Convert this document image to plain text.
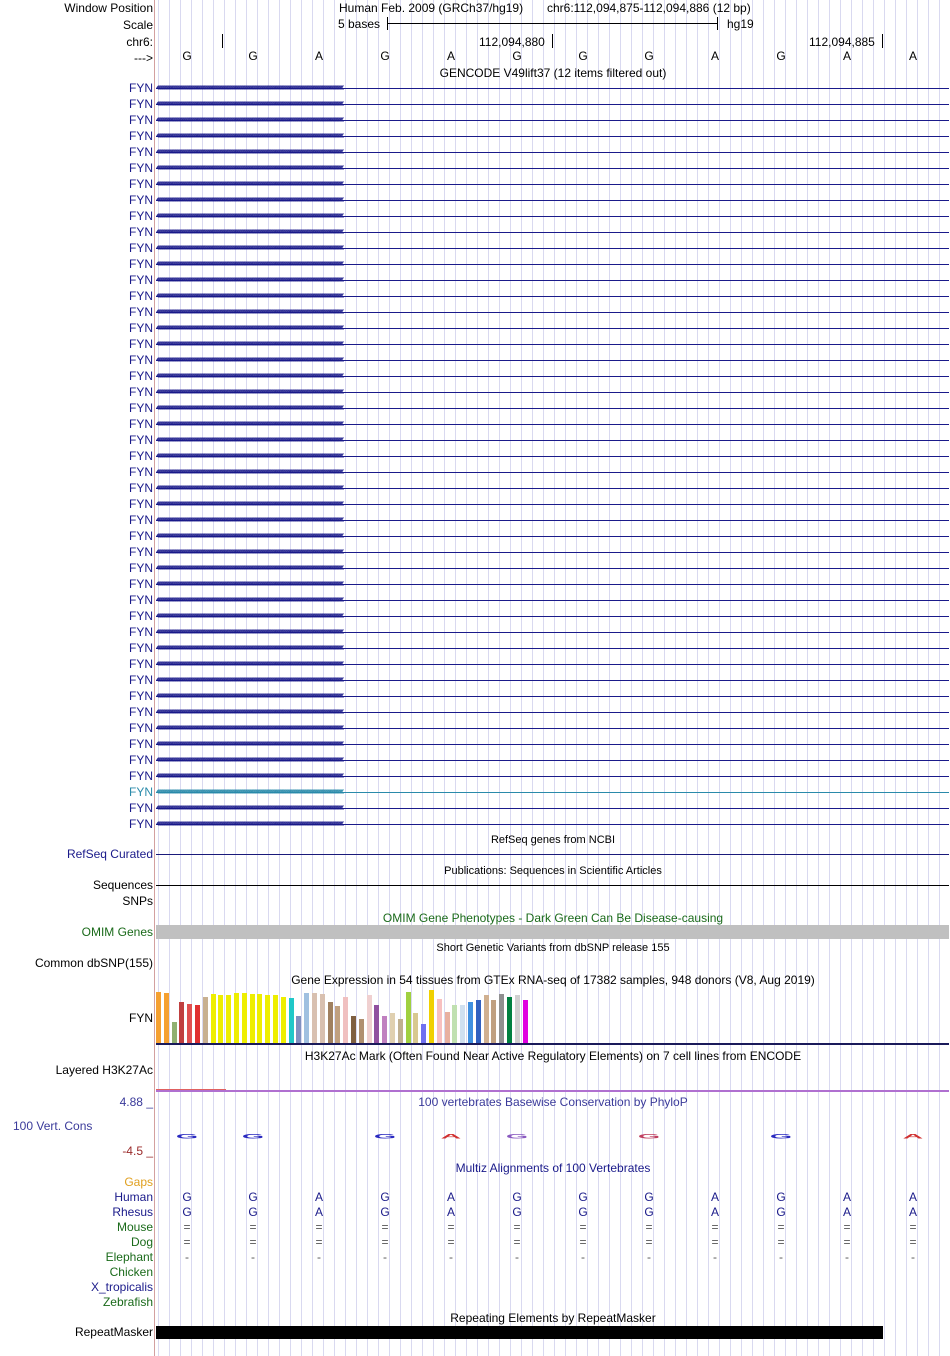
Window Position	Human Feb. 2009 (GRCh37/hg19) chr6:112,094,875-112,094,886 (12 bp)
Scale	5 bases	hg19
chr6:	112,094,880	112,094,885
---> G	G	A	G	A	G	G	G	A	G	A	A
GENCODE V49lift37 (12 items filtered out)
FYN ‹‹‹‹‹‹‹‹‹‹‹‹‹‹‹‹‹‹‹‹‹‹‹‹‹‹‹‹‹‹‹‹‹‹‹‹‹‹‹‹‹‹‹‹‹‹‹‹‹‹‹‹‹‹‹‹‹‹‹‹‹‹‹‹‹‹‹‹‹‹‹‹‹‹‹‹‹‹‹‹‹‹‹‹‹‹‹‹‹‹‹‹‹‹‹‹‹‹‹‹‹‹‹‹‹‹‹‹‹‹‹‹‹‹‹‹‹‹‹‹‹‹‹‹‹‹‹‹‹‹‹‹‹‹‹‹‹‹‹‹‹‹‹‹‹‹‹‹‹‹‹‹‹‹‹‹‹‹‹‹‹‹‹‹‹‹‹‹‹‹‹‹‹‹‹‹‹‹‹‹‹‹‹‹‹‹‹‹‹‹‹‹‹‹‹‹‹‹‹‹
FYN ‹‹‹‹‹‹‹‹‹‹‹‹‹‹‹‹‹‹‹‹‹‹‹‹‹‹‹‹‹‹‹‹‹‹‹‹‹‹‹‹‹‹‹‹‹‹‹‹‹‹‹‹‹‹‹‹‹‹‹‹‹‹‹‹‹‹‹‹‹‹‹‹‹‹‹‹‹‹‹‹‹‹‹‹‹‹‹‹‹‹‹‹‹‹‹‹‹‹‹‹‹‹‹‹‹‹‹‹‹‹‹‹‹‹‹‹‹‹‹‹‹‹‹‹‹‹‹‹‹‹‹‹‹‹‹‹‹‹‹‹‹‹‹‹‹‹‹‹‹‹‹‹‹‹‹‹‹‹‹‹‹‹‹‹‹‹‹‹‹‹‹‹‹‹‹‹‹‹‹‹‹‹‹‹‹‹‹‹‹‹‹‹‹‹‹‹‹‹‹‹
FYN ‹‹‹‹‹‹‹‹‹‹‹‹‹‹‹‹‹‹‹‹‹‹‹‹‹‹‹‹‹‹‹‹‹‹‹‹‹‹‹‹‹‹‹‹‹‹‹‹‹‹‹‹‹‹‹‹‹‹‹‹‹‹‹‹‹‹‹‹‹‹‹‹‹‹‹‹‹‹‹‹‹‹‹‹‹‹‹‹‹‹‹‹‹‹‹‹‹‹‹‹‹‹‹‹‹‹‹‹‹‹‹‹‹‹‹‹‹‹‹‹‹‹‹‹‹‹‹‹‹‹‹‹‹‹‹‹‹‹‹‹‹‹‹‹‹‹‹‹‹‹‹‹‹‹‹‹‹‹‹‹‹‹‹‹‹‹‹‹‹‹‹‹‹‹‹‹‹‹‹‹‹‹‹‹‹‹‹‹‹‹‹‹‹‹‹‹‹‹‹‹
FYN ‹‹‹‹‹‹‹‹‹‹‹‹‹‹‹‹‹‹‹‹‹‹‹‹‹‹‹‹‹‹‹‹‹‹‹‹‹‹‹‹‹‹‹‹‹‹‹‹‹‹‹‹‹‹‹‹‹‹‹‹‹‹‹‹‹‹‹‹‹‹‹‹‹‹‹‹‹‹‹‹‹‹‹‹‹‹‹‹‹‹‹‹‹‹‹‹‹‹‹‹‹‹‹‹‹‹‹‹‹‹‹‹‹‹‹‹‹‹‹‹‹‹‹‹‹‹‹‹‹‹‹‹‹‹‹‹‹‹‹‹‹‹‹‹‹‹‹‹‹‹‹‹‹‹‹‹‹‹‹‹‹‹‹‹‹‹‹‹‹‹‹‹‹‹‹‹‹‹‹‹‹‹‹‹‹‹‹‹‹‹‹‹‹‹‹‹‹‹‹‹
FYN ‹‹‹‹‹‹‹‹‹‹‹‹‹‹‹‹‹‹‹‹‹‹‹‹‹‹‹‹‹‹‹‹‹‹‹‹‹‹‹‹‹‹‹‹‹‹‹‹‹‹‹‹‹‹‹‹‹‹‹‹‹‹‹‹‹‹‹‹‹‹‹‹‹‹‹‹‹‹‹‹‹‹‹‹‹‹‹‹‹‹‹‹‹‹‹‹‹‹‹‹‹‹‹‹‹‹‹‹‹‹‹‹‹‹‹‹‹‹‹‹‹‹‹‹‹‹‹‹‹‹‹‹‹‹‹‹‹‹‹‹‹‹‹‹‹‹‹‹‹‹‹‹‹‹‹‹‹‹‹‹‹‹‹‹‹‹‹‹‹‹‹‹‹‹‹‹‹‹‹‹‹‹‹‹‹‹‹‹‹‹‹‹‹‹‹‹‹‹‹‹
FYN ‹‹‹‹‹‹‹‹‹‹‹‹‹‹‹‹‹‹‹‹‹‹‹‹‹‹‹‹‹‹‹‹‹‹‹‹‹‹‹‹‹‹‹‹‹‹‹‹‹‹‹‹‹‹‹‹‹‹‹‹‹‹‹‹‹‹‹‹‹‹‹‹‹‹‹‹‹‹‹‹‹‹‹‹‹‹‹‹‹‹‹‹‹‹‹‹‹‹‹‹‹‹‹‹‹‹‹‹‹‹‹‹‹‹‹‹‹‹‹‹‹‹‹‹‹‹‹‹‹‹‹‹‹‹‹‹‹‹‹‹‹‹‹‹‹‹‹‹‹‹‹‹‹‹‹‹‹‹‹‹‹‹‹‹‹‹‹‹‹‹‹‹‹‹‹‹‹‹‹‹‹‹‹‹‹‹‹‹‹‹‹‹‹‹‹‹‹‹‹‹
FYN ‹‹‹‹‹‹‹‹‹‹‹‹‹‹‹‹‹‹‹‹‹‹‹‹‹‹‹‹‹‹‹‹‹‹‹‹‹‹‹‹‹‹‹‹‹‹‹‹‹‹‹‹‹‹‹‹‹‹‹‹‹‹‹‹‹‹‹‹‹‹‹‹‹‹‹‹‹‹‹‹‹‹‹‹‹‹‹‹‹‹‹‹‹‹‹‹‹‹‹‹‹‹‹‹‹‹‹‹‹‹‹‹‹‹‹‹‹‹‹‹‹‹‹‹‹‹‹‹‹‹‹‹‹‹‹‹‹‹‹‹‹‹‹‹‹‹‹‹‹‹‹‹‹‹‹‹‹‹‹‹‹‹‹‹‹‹‹‹‹‹‹‹‹‹‹‹‹‹‹‹‹‹‹‹‹‹‹‹‹‹‹‹‹‹‹‹‹‹‹‹
FYN ‹‹‹‹‹‹‹‹‹‹‹‹‹‹‹‹‹‹‹‹‹‹‹‹‹‹‹‹‹‹‹‹‹‹‹‹‹‹‹‹‹‹‹‹‹‹‹‹‹‹‹‹‹‹‹‹‹‹‹‹‹‹‹‹‹‹‹‹‹‹‹‹‹‹‹‹‹‹‹‹‹‹‹‹‹‹‹‹‹‹‹‹‹‹‹‹‹‹‹‹‹‹‹‹‹‹‹‹‹‹‹‹‹‹‹‹‹‹‹‹‹‹‹‹‹‹‹‹‹‹‹‹‹‹‹‹‹‹‹‹‹‹‹‹‹‹‹‹‹‹‹‹‹‹‹‹‹‹‹‹‹‹‹‹‹‹‹‹‹‹‹‹‹‹‹‹‹‹‹‹‹‹‹‹‹‹‹‹‹‹‹‹‹‹‹‹‹‹‹‹
FYN ‹‹‹‹‹‹‹‹‹‹‹‹‹‹‹‹‹‹‹‹‹‹‹‹‹‹‹‹‹‹‹‹‹‹‹‹‹‹‹‹‹‹‹‹‹‹‹‹‹‹‹‹‹‹‹‹‹‹‹‹‹‹‹‹‹‹‹‹‹‹‹‹‹‹‹‹‹‹‹‹‹‹‹‹‹‹‹‹‹‹‹‹‹‹‹‹‹‹‹‹‹‹‹‹‹‹‹‹‹‹‹‹‹‹‹‹‹‹‹‹‹‹‹‹‹‹‹‹‹‹‹‹‹‹‹‹‹‹‹‹‹‹‹‹‹‹‹‹‹‹‹‹‹‹‹‹‹‹‹‹‹‹‹‹‹‹‹‹‹‹‹‹‹‹‹‹‹‹‹‹‹‹‹‹‹‹‹‹‹‹‹‹‹‹‹‹‹‹‹‹
FYN ‹‹‹‹‹‹‹‹‹‹‹‹‹‹‹‹‹‹‹‹‹‹‹‹‹‹‹‹‹‹‹‹‹‹‹‹‹‹‹‹‹‹‹‹‹‹‹‹‹‹‹‹‹‹‹‹‹‹‹‹‹‹‹‹‹‹‹‹‹‹‹‹‹‹‹‹‹‹‹‹‹‹‹‹‹‹‹‹‹‹‹‹‹‹‹‹‹‹‹‹‹‹‹‹‹‹‹‹‹‹‹‹‹‹‹‹‹‹‹‹‹‹‹‹‹‹‹‹‹‹‹‹‹‹‹‹‹‹‹‹‹‹‹‹‹‹‹‹‹‹‹‹‹‹‹‹‹‹‹‹‹‹‹‹‹‹‹‹‹‹‹‹‹‹‹‹‹‹‹‹‹‹‹‹‹‹‹‹‹‹‹‹‹‹‹‹‹‹‹‹
FYN ‹‹‹‹‹‹‹‹‹‹‹‹‹‹‹‹‹‹‹‹‹‹‹‹‹‹‹‹‹‹‹‹‹‹‹‹‹‹‹‹‹‹‹‹‹‹‹‹‹‹‹‹‹‹‹‹‹‹‹‹‹‹‹‹‹‹‹‹‹‹‹‹‹‹‹‹‹‹‹‹‹‹‹‹‹‹‹‹‹‹‹‹‹‹‹‹‹‹‹‹‹‹‹‹‹‹‹‹‹‹‹‹‹‹‹‹‹‹‹‹‹‹‹‹‹‹‹‹‹‹‹‹‹‹‹‹‹‹‹‹‹‹‹‹‹‹‹‹‹‹‹‹‹‹‹‹‹‹‹‹‹‹‹‹‹‹‹‹‹‹‹‹‹‹‹‹‹‹‹‹‹‹‹‹‹‹‹‹‹‹‹‹‹‹‹‹‹‹‹‹
FYN ‹‹‹‹‹‹‹‹‹‹‹‹‹‹‹‹‹‹‹‹‹‹‹‹‹‹‹‹‹‹‹‹‹‹‹‹‹‹‹‹‹‹‹‹‹‹‹‹‹‹‹‹‹‹‹‹‹‹‹‹‹‹‹‹‹‹‹‹‹‹‹‹‹‹‹‹‹‹‹‹‹‹‹‹‹‹‹‹‹‹‹‹‹‹‹‹‹‹‹‹‹‹‹‹‹‹‹‹‹‹‹‹‹‹‹‹‹‹‹‹‹‹‹‹‹‹‹‹‹‹‹‹‹‹‹‹‹‹‹‹‹‹‹‹‹‹‹‹‹‹‹‹‹‹‹‹‹‹‹‹‹‹‹‹‹‹‹‹‹‹‹‹‹‹‹‹‹‹‹‹‹‹‹‹‹‹‹‹‹‹‹‹‹‹‹‹‹‹‹‹
FYN ‹‹‹‹‹‹‹‹‹‹‹‹‹‹‹‹‹‹‹‹‹‹‹‹‹‹‹‹‹‹‹‹‹‹‹‹‹‹‹‹‹‹‹‹‹‹‹‹‹‹‹‹‹‹‹‹‹‹‹‹‹‹‹‹‹‹‹‹‹‹‹‹‹‹‹‹‹‹‹‹‹‹‹‹‹‹‹‹‹‹‹‹‹‹‹‹‹‹‹‹‹‹‹‹‹‹‹‹‹‹‹‹‹‹‹‹‹‹‹‹‹‹‹‹‹‹‹‹‹‹‹‹‹‹‹‹‹‹‹‹‹‹‹‹‹‹‹‹‹‹‹‹‹‹‹‹‹‹‹‹‹‹‹‹‹‹‹‹‹‹‹‹‹‹‹‹‹‹‹‹‹‹‹‹‹‹‹‹‹‹‹‹‹‹‹‹‹‹‹‹
FYN ‹‹‹‹‹‹‹‹‹‹‹‹‹‹‹‹‹‹‹‹‹‹‹‹‹‹‹‹‹‹‹‹‹‹‹‹‹‹‹‹‹‹‹‹‹‹‹‹‹‹‹‹‹‹‹‹‹‹‹‹‹‹‹‹‹‹‹‹‹‹‹‹‹‹‹‹‹‹‹‹‹‹‹‹‹‹‹‹‹‹‹‹‹‹‹‹‹‹‹‹‹‹‹‹‹‹‹‹‹‹‹‹‹‹‹‹‹‹‹‹‹‹‹‹‹‹‹‹‹‹‹‹‹‹‹‹‹‹‹‹‹‹‹‹‹‹‹‹‹‹‹‹‹‹‹‹‹‹‹‹‹‹‹‹‹‹‹‹‹‹‹‹‹‹‹‹‹‹‹‹‹‹‹‹‹‹‹‹‹‹‹‹‹‹‹‹‹‹‹‹
FYN ‹‹‹‹‹‹‹‹‹‹‹‹‹‹‹‹‹‹‹‹‹‹‹‹‹‹‹‹‹‹‹‹‹‹‹‹‹‹‹‹‹‹‹‹‹‹‹‹‹‹‹‹‹‹‹‹‹‹‹‹‹‹‹‹‹‹‹‹‹‹‹‹‹‹‹‹‹‹‹‹‹‹‹‹‹‹‹‹‹‹‹‹‹‹‹‹‹‹‹‹‹‹‹‹‹‹‹‹‹‹‹‹‹‹‹‹‹‹‹‹‹‹‹‹‹‹‹‹‹‹‹‹‹‹‹‹‹‹‹‹‹‹‹‹‹‹‹‹‹‹‹‹‹‹‹‹‹‹‹‹‹‹‹‹‹‹‹‹‹‹‹‹‹‹‹‹‹‹‹‹‹‹‹‹‹‹‹‹‹‹‹‹‹‹‹‹‹‹‹‹
FYN ‹‹‹‹‹‹‹‹‹‹‹‹‹‹‹‹‹‹‹‹‹‹‹‹‹‹‹‹‹‹‹‹‹‹‹‹‹‹‹‹‹‹‹‹‹‹‹‹‹‹‹‹‹‹‹‹‹‹‹‹‹‹‹‹‹‹‹‹‹‹‹‹‹‹‹‹‹‹‹‹‹‹‹‹‹‹‹‹‹‹‹‹‹‹‹‹‹‹‹‹‹‹‹‹‹‹‹‹‹‹‹‹‹‹‹‹‹‹‹‹‹‹‹‹‹‹‹‹‹‹‹‹‹‹‹‹‹‹‹‹‹‹‹‹‹‹‹‹‹‹‹‹‹‹‹‹‹‹‹‹‹‹‹‹‹‹‹‹‹‹‹‹‹‹‹‹‹‹‹‹‹‹‹‹‹‹‹‹‹‹‹‹‹‹‹‹‹‹‹‹
FYN ‹‹‹‹‹‹‹‹‹‹‹‹‹‹‹‹‹‹‹‹‹‹‹‹‹‹‹‹‹‹‹‹‹‹‹‹‹‹‹‹‹‹‹‹‹‹‹‹‹‹‹‹‹‹‹‹‹‹‹‹‹‹‹‹‹‹‹‹‹‹‹‹‹‹‹‹‹‹‹‹‹‹‹‹‹‹‹‹‹‹‹‹‹‹‹‹‹‹‹‹‹‹‹‹‹‹‹‹‹‹‹‹‹‹‹‹‹‹‹‹‹‹‹‹‹‹‹‹‹‹‹‹‹‹‹‹‹‹‹‹‹‹‹‹‹‹‹‹‹‹‹‹‹‹‹‹‹‹‹‹‹‹‹‹‹‹‹‹‹‹‹‹‹‹‹‹‹‹‹‹‹‹‹‹‹‹‹‹‹‹‹‹‹‹‹‹‹‹‹‹
FYN ‹‹‹‹‹‹‹‹‹‹‹‹‹‹‹‹‹‹‹‹‹‹‹‹‹‹‹‹‹‹‹‹‹‹‹‹‹‹‹‹‹‹‹‹‹‹‹‹‹‹‹‹‹‹‹‹‹‹‹‹‹‹‹‹‹‹‹‹‹‹‹‹‹‹‹‹‹‹‹‹‹‹‹‹‹‹‹‹‹‹‹‹‹‹‹‹‹‹‹‹‹‹‹‹‹‹‹‹‹‹‹‹‹‹‹‹‹‹‹‹‹‹‹‹‹‹‹‹‹‹‹‹‹‹‹‹‹‹‹‹‹‹‹‹‹‹‹‹‹‹‹‹‹‹‹‹‹‹‹‹‹‹‹‹‹‹‹‹‹‹‹‹‹‹‹‹‹‹‹‹‹‹‹‹‹‹‹‹‹‹‹‹‹‹‹‹‹‹‹‹
FYN ‹‹‹‹‹‹‹‹‹‹‹‹‹‹‹‹‹‹‹‹‹‹‹‹‹‹‹‹‹‹‹‹‹‹‹‹‹‹‹‹‹‹‹‹‹‹‹‹‹‹‹‹‹‹‹‹‹‹‹‹‹‹‹‹‹‹‹‹‹‹‹‹‹‹‹‹‹‹‹‹‹‹‹‹‹‹‹‹‹‹‹‹‹‹‹‹‹‹‹‹‹‹‹‹‹‹‹‹‹‹‹‹‹‹‹‹‹‹‹‹‹‹‹‹‹‹‹‹‹‹‹‹‹‹‹‹‹‹‹‹‹‹‹‹‹‹‹‹‹‹‹‹‹‹‹‹‹‹‹‹‹‹‹‹‹‹‹‹‹‹‹‹‹‹‹‹‹‹‹‹‹‹‹‹‹‹‹‹‹‹‹‹‹‹‹‹‹‹‹‹
FYN ‹‹‹‹‹‹‹‹‹‹‹‹‹‹‹‹‹‹‹‹‹‹‹‹‹‹‹‹‹‹‹‹‹‹‹‹‹‹‹‹‹‹‹‹‹‹‹‹‹‹‹‹‹‹‹‹‹‹‹‹‹‹‹‹‹‹‹‹‹‹‹‹‹‹‹‹‹‹‹‹‹‹‹‹‹‹‹‹‹‹‹‹‹‹‹‹‹‹‹‹‹‹‹‹‹‹‹‹‹‹‹‹‹‹‹‹‹‹‹‹‹‹‹‹‹‹‹‹‹‹‹‹‹‹‹‹‹‹‹‹‹‹‹‹‹‹‹‹‹‹‹‹‹‹‹‹‹‹‹‹‹‹‹‹‹‹‹‹‹‹‹‹‹‹‹‹‹‹‹‹‹‹‹‹‹‹‹‹‹‹‹‹‹‹‹‹‹‹‹‹
FYN ‹‹‹‹‹‹‹‹‹‹‹‹‹‹‹‹‹‹‹‹‹‹‹‹‹‹‹‹‹‹‹‹‹‹‹‹‹‹‹‹‹‹‹‹‹‹‹‹‹‹‹‹‹‹‹‹‹‹‹‹‹‹‹‹‹‹‹‹‹‹‹‹‹‹‹‹‹‹‹‹‹‹‹‹‹‹‹‹‹‹‹‹‹‹‹‹‹‹‹‹‹‹‹‹‹‹‹‹‹‹‹‹‹‹‹‹‹‹‹‹‹‹‹‹‹‹‹‹‹‹‹‹‹‹‹‹‹‹‹‹‹‹‹‹‹‹‹‹‹‹‹‹‹‹‹‹‹‹‹‹‹‹‹‹‹‹‹‹‹‹‹‹‹‹‹‹‹‹‹‹‹‹‹‹‹‹‹‹‹‹‹‹‹‹‹‹‹‹‹‹
FYN ‹‹‹‹‹‹‹‹‹‹‹‹‹‹‹‹‹‹‹‹‹‹‹‹‹‹‹‹‹‹‹‹‹‹‹‹‹‹‹‹‹‹‹‹‹‹‹‹‹‹‹‹‹‹‹‹‹‹‹‹‹‹‹‹‹‹‹‹‹‹‹‹‹‹‹‹‹‹‹‹‹‹‹‹‹‹‹‹‹‹‹‹‹‹‹‹‹‹‹‹‹‹‹‹‹‹‹‹‹‹‹‹‹‹‹‹‹‹‹‹‹‹‹‹‹‹‹‹‹‹‹‹‹‹‹‹‹‹‹‹‹‹‹‹‹‹‹‹‹‹‹‹‹‹‹‹‹‹‹‹‹‹‹‹‹‹‹‹‹‹‹‹‹‹‹‹‹‹‹‹‹‹‹‹‹‹‹‹‹‹‹‹‹‹‹‹‹‹‹‹
FYN ‹‹‹‹‹‹‹‹‹‹‹‹‹‹‹‹‹‹‹‹‹‹‹‹‹‹‹‹‹‹‹‹‹‹‹‹‹‹‹‹‹‹‹‹‹‹‹‹‹‹‹‹‹‹‹‹‹‹‹‹‹‹‹‹‹‹‹‹‹‹‹‹‹‹‹‹‹‹‹‹‹‹‹‹‹‹‹‹‹‹‹‹‹‹‹‹‹‹‹‹‹‹‹‹‹‹‹‹‹‹‹‹‹‹‹‹‹‹‹‹‹‹‹‹‹‹‹‹‹‹‹‹‹‹‹‹‹‹‹‹‹‹‹‹‹‹‹‹‹‹‹‹‹‹‹‹‹‹‹‹‹‹‹‹‹‹‹‹‹‹‹‹‹‹‹‹‹‹‹‹‹‹‹‹‹‹‹‹‹‹‹‹‹‹‹‹‹‹‹‹
FYN ‹‹‹‹‹‹‹‹‹‹‹‹‹‹‹‹‹‹‹‹‹‹‹‹‹‹‹‹‹‹‹‹‹‹‹‹‹‹‹‹‹‹‹‹‹‹‹‹‹‹‹‹‹‹‹‹‹‹‹‹‹‹‹‹‹‹‹‹‹‹‹‹‹‹‹‹‹‹‹‹‹‹‹‹‹‹‹‹‹‹‹‹‹‹‹‹‹‹‹‹‹‹‹‹‹‹‹‹‹‹‹‹‹‹‹‹‹‹‹‹‹‹‹‹‹‹‹‹‹‹‹‹‹‹‹‹‹‹‹‹‹‹‹‹‹‹‹‹‹‹‹‹‹‹‹‹‹‹‹‹‹‹‹‹‹‹‹‹‹‹‹‹‹‹‹‹‹‹‹‹‹‹‹‹‹‹‹‹‹‹‹‹‹‹‹‹‹‹‹‹
FYN ‹‹‹‹‹‹‹‹‹‹‹‹‹‹‹‹‹‹‹‹‹‹‹‹‹‹‹‹‹‹‹‹‹‹‹‹‹‹‹‹‹‹‹‹‹‹‹‹‹‹‹‹‹‹‹‹‹‹‹‹‹‹‹‹‹‹‹‹‹‹‹‹‹‹‹‹‹‹‹‹‹‹‹‹‹‹‹‹‹‹‹‹‹‹‹‹‹‹‹‹‹‹‹‹‹‹‹‹‹‹‹‹‹‹‹‹‹‹‹‹‹‹‹‹‹‹‹‹‹‹‹‹‹‹‹‹‹‹‹‹‹‹‹‹‹‹‹‹‹‹‹‹‹‹‹‹‹‹‹‹‹‹‹‹‹‹‹‹‹‹‹‹‹‹‹‹‹‹‹‹‹‹‹‹‹‹‹‹‹‹‹‹‹‹‹‹‹‹‹‹
FYN ‹‹‹‹‹‹‹‹‹‹‹‹‹‹‹‹‹‹‹‹‹‹‹‹‹‹‹‹‹‹‹‹‹‹‹‹‹‹‹‹‹‹‹‹‹‹‹‹‹‹‹‹‹‹‹‹‹‹‹‹‹‹‹‹‹‹‹‹‹‹‹‹‹‹‹‹‹‹‹‹‹‹‹‹‹‹‹‹‹‹‹‹‹‹‹‹‹‹‹‹‹‹‹‹‹‹‹‹‹‹‹‹‹‹‹‹‹‹‹‹‹‹‹‹‹‹‹‹‹‹‹‹‹‹‹‹‹‹‹‹‹‹‹‹‹‹‹‹‹‹‹‹‹‹‹‹‹‹‹‹‹‹‹‹‹‹‹‹‹‹‹‹‹‹‹‹‹‹‹‹‹‹‹‹‹‹‹‹‹‹‹‹‹‹‹‹‹‹‹‹
FYN ‹‹‹‹‹‹‹‹‹‹‹‹‹‹‹‹‹‹‹‹‹‹‹‹‹‹‹‹‹‹‹‹‹‹‹‹‹‹‹‹‹‹‹‹‹‹‹‹‹‹‹‹‹‹‹‹‹‹‹‹‹‹‹‹‹‹‹‹‹‹‹‹‹‹‹‹‹‹‹‹‹‹‹‹‹‹‹‹‹‹‹‹‹‹‹‹‹‹‹‹‹‹‹‹‹‹‹‹‹‹‹‹‹‹‹‹‹‹‹‹‹‹‹‹‹‹‹‹‹‹‹‹‹‹‹‹‹‹‹‹‹‹‹‹‹‹‹‹‹‹‹‹‹‹‹‹‹‹‹‹‹‹‹‹‹‹‹‹‹‹‹‹‹‹‹‹‹‹‹‹‹‹‹‹‹‹‹‹‹‹‹‹‹‹‹‹‹‹‹‹
FYN ‹‹‹‹‹‹‹‹‹‹‹‹‹‹‹‹‹‹‹‹‹‹‹‹‹‹‹‹‹‹‹‹‹‹‹‹‹‹‹‹‹‹‹‹‹‹‹‹‹‹‹‹‹‹‹‹‹‹‹‹‹‹‹‹‹‹‹‹‹‹‹‹‹‹‹‹‹‹‹‹‹‹‹‹‹‹‹‹‹‹‹‹‹‹‹‹‹‹‹‹‹‹‹‹‹‹‹‹‹‹‹‹‹‹‹‹‹‹‹‹‹‹‹‹‹‹‹‹‹‹‹‹‹‹‹‹‹‹‹‹‹‹‹‹‹‹‹‹‹‹‹‹‹‹‹‹‹‹‹‹‹‹‹‹‹‹‹‹‹‹‹‹‹‹‹‹‹‹‹‹‹‹‹‹‹‹‹‹‹‹‹‹‹‹‹‹‹‹‹‹
FYN ‹‹‹‹‹‹‹‹‹‹‹‹‹‹‹‹‹‹‹‹‹‹‹‹‹‹‹‹‹‹‹‹‹‹‹‹‹‹‹‹‹‹‹‹‹‹‹‹‹‹‹‹‹‹‹‹‹‹‹‹‹‹‹‹‹‹‹‹‹‹‹‹‹‹‹‹‹‹‹‹‹‹‹‹‹‹‹‹‹‹‹‹‹‹‹‹‹‹‹‹‹‹‹‹‹‹‹‹‹‹‹‹‹‹‹‹‹‹‹‹‹‹‹‹‹‹‹‹‹‹‹‹‹‹‹‹‹‹‹‹‹‹‹‹‹‹‹‹‹‹‹‹‹‹‹‹‹‹‹‹‹‹‹‹‹‹‹‹‹‹‹‹‹‹‹‹‹‹‹‹‹‹‹‹‹‹‹‹‹‹‹‹‹‹‹‹‹‹‹‹
FYN ‹‹‹‹‹‹‹‹‹‹‹‹‹‹‹‹‹‹‹‹‹‹‹‹‹‹‹‹‹‹‹‹‹‹‹‹‹‹‹‹‹‹‹‹‹‹‹‹‹‹‹‹‹‹‹‹‹‹‹‹‹‹‹‹‹‹‹‹‹‹‹‹‹‹‹‹‹‹‹‹‹‹‹‹‹‹‹‹‹‹‹‹‹‹‹‹‹‹‹‹‹‹‹‹‹‹‹‹‹‹‹‹‹‹‹‹‹‹‹‹‹‹‹‹‹‹‹‹‹‹‹‹‹‹‹‹‹‹‹‹‹‹‹‹‹‹‹‹‹‹‹‹‹‹‹‹‹‹‹‹‹‹‹‹‹‹‹‹‹‹‹‹‹‹‹‹‹‹‹‹‹‹‹‹‹‹‹‹‹‹‹‹‹‹‹‹‹‹‹‹
FYN ‹‹‹‹‹‹‹‹‹‹‹‹‹‹‹‹‹‹‹‹‹‹‹‹‹‹‹‹‹‹‹‹‹‹‹‹‹‹‹‹‹‹‹‹‹‹‹‹‹‹‹‹‹‹‹‹‹‹‹‹‹‹‹‹‹‹‹‹‹‹‹‹‹‹‹‹‹‹‹‹‹‹‹‹‹‹‹‹‹‹‹‹‹‹‹‹‹‹‹‹‹‹‹‹‹‹‹‹‹‹‹‹‹‹‹‹‹‹‹‹‹‹‹‹‹‹‹‹‹‹‹‹‹‹‹‹‹‹‹‹‹‹‹‹‹‹‹‹‹‹‹‹‹‹‹‹‹‹‹‹‹‹‹‹‹‹‹‹‹‹‹‹‹‹‹‹‹‹‹‹‹‹‹‹‹‹‹‹‹‹‹‹‹‹‹‹‹‹‹‹
FYN ‹‹‹‹‹‹‹‹‹‹‹‹‹‹‹‹‹‹‹‹‹‹‹‹‹‹‹‹‹‹‹‹‹‹‹‹‹‹‹‹‹‹‹‹‹‹‹‹‹‹‹‹‹‹‹‹‹‹‹‹‹‹‹‹‹‹‹‹‹‹‹‹‹‹‹‹‹‹‹‹‹‹‹‹‹‹‹‹‹‹‹‹‹‹‹‹‹‹‹‹‹‹‹‹‹‹‹‹‹‹‹‹‹‹‹‹‹‹‹‹‹‹‹‹‹‹‹‹‹‹‹‹‹‹‹‹‹‹‹‹‹‹‹‹‹‹‹‹‹‹‹‹‹‹‹‹‹‹‹‹‹‹‹‹‹‹‹‹‹‹‹‹‹‹‹‹‹‹‹‹‹‹‹‹‹‹‹‹‹‹‹‹‹‹‹‹‹‹‹‹
FYN ‹‹‹‹‹‹‹‹‹‹‹‹‹‹‹‹‹‹‹‹‹‹‹‹‹‹‹‹‹‹‹‹‹‹‹‹‹‹‹‹‹‹‹‹‹‹‹‹‹‹‹‹‹‹‹‹‹‹‹‹‹‹‹‹‹‹‹‹‹‹‹‹‹‹‹‹‹‹‹‹‹‹‹‹‹‹‹‹‹‹‹‹‹‹‹‹‹‹‹‹‹‹‹‹‹‹‹‹‹‹‹‹‹‹‹‹‹‹‹‹‹‹‹‹‹‹‹‹‹‹‹‹‹‹‹‹‹‹‹‹‹‹‹‹‹‹‹‹‹‹‹‹‹‹‹‹‹‹‹‹‹‹‹‹‹‹‹‹‹‹‹‹‹‹‹‹‹‹‹‹‹‹‹‹‹‹‹‹‹‹‹‹‹‹‹‹‹‹‹‹
FYN ‹‹‹‹‹‹‹‹‹‹‹‹‹‹‹‹‹‹‹‹‹‹‹‹‹‹‹‹‹‹‹‹‹‹‹‹‹‹‹‹‹‹‹‹‹‹‹‹‹‹‹‹‹‹‹‹‹‹‹‹‹‹‹‹‹‹‹‹‹‹‹‹‹‹‹‹‹‹‹‹‹‹‹‹‹‹‹‹‹‹‹‹‹‹‹‹‹‹‹‹‹‹‹‹‹‹‹‹‹‹‹‹‹‹‹‹‹‹‹‹‹‹‹‹‹‹‹‹‹‹‹‹‹‹‹‹‹‹‹‹‹‹‹‹‹‹‹‹‹‹‹‹‹‹‹‹‹‹‹‹‹‹‹‹‹‹‹‹‹‹‹‹‹‹‹‹‹‹‹‹‹‹‹‹‹‹‹‹‹‹‹‹‹‹‹‹‹‹‹‹
FYN ‹‹‹‹‹‹‹‹‹‹‹‹‹‹‹‹‹‹‹‹‹‹‹‹‹‹‹‹‹‹‹‹‹‹‹‹‹‹‹‹‹‹‹‹‹‹‹‹‹‹‹‹‹‹‹‹‹‹‹‹‹‹‹‹‹‹‹‹‹‹‹‹‹‹‹‹‹‹‹‹‹‹‹‹‹‹‹‹‹‹‹‹‹‹‹‹‹‹‹‹‹‹‹‹‹‹‹‹‹‹‹‹‹‹‹‹‹‹‹‹‹‹‹‹‹‹‹‹‹‹‹‹‹‹‹‹‹‹‹‹‹‹‹‹‹‹‹‹‹‹‹‹‹‹‹‹‹‹‹‹‹‹‹‹‹‹‹‹‹‹‹‹‹‹‹‹‹‹‹‹‹‹‹‹‹‹‹‹‹‹‹‹‹‹‹‹‹‹‹‹
FYN ‹‹‹‹‹‹‹‹‹‹‹‹‹‹‹‹‹‹‹‹‹‹‹‹‹‹‹‹‹‹‹‹‹‹‹‹‹‹‹‹‹‹‹‹‹‹‹‹‹‹‹‹‹‹‹‹‹‹‹‹‹‹‹‹‹‹‹‹‹‹‹‹‹‹‹‹‹‹‹‹‹‹‹‹‹‹‹‹‹‹‹‹‹‹‹‹‹‹‹‹‹‹‹‹‹‹‹‹‹‹‹‹‹‹‹‹‹‹‹‹‹‹‹‹‹‹‹‹‹‹‹‹‹‹‹‹‹‹‹‹‹‹‹‹‹‹‹‹‹‹‹‹‹‹‹‹‹‹‹‹‹‹‹‹‹‹‹‹‹‹‹‹‹‹‹‹‹‹‹‹‹‹‹‹‹‹‹‹‹‹‹‹‹‹‹‹‹‹‹‹
FYN ‹‹‹‹‹‹‹‹‹‹‹‹‹‹‹‹‹‹‹‹‹‹‹‹‹‹‹‹‹‹‹‹‹‹‹‹‹‹‹‹‹‹‹‹‹‹‹‹‹‹‹‹‹‹‹‹‹‹‹‹‹‹‹‹‹‹‹‹‹‹‹‹‹‹‹‹‹‹‹‹‹‹‹‹‹‹‹‹‹‹‹‹‹‹‹‹‹‹‹‹‹‹‹‹‹‹‹‹‹‹‹‹‹‹‹‹‹‹‹‹‹‹‹‹‹‹‹‹‹‹‹‹‹‹‹‹‹‹‹‹‹‹‹‹‹‹‹‹‹‹‹‹‹‹‹‹‹‹‹‹‹‹‹‹‹‹‹‹‹‹‹‹‹‹‹‹‹‹‹‹‹‹‹‹‹‹‹‹‹‹‹‹‹‹‹‹‹‹‹‹
FYN ‹‹‹‹‹‹‹‹‹‹‹‹‹‹‹‹‹‹‹‹‹‹‹‹‹‹‹‹‹‹‹‹‹‹‹‹‹‹‹‹‹‹‹‹‹‹‹‹‹‹‹‹‹‹‹‹‹‹‹‹‹‹‹‹‹‹‹‹‹‹‹‹‹‹‹‹‹‹‹‹‹‹‹‹‹‹‹‹‹‹‹‹‹‹‹‹‹‹‹‹‹‹‹‹‹‹‹‹‹‹‹‹‹‹‹‹‹‹‹‹‹‹‹‹‹‹‹‹‹‹‹‹‹‹‹‹‹‹‹‹‹‹‹‹‹‹‹‹‹‹‹‹‹‹‹‹‹‹‹‹‹‹‹‹‹‹‹‹‹‹‹‹‹‹‹‹‹‹‹‹‹‹‹‹‹‹‹‹‹‹‹‹‹‹‹‹‹‹‹‹
FYN ‹‹‹‹‹‹‹‹‹‹‹‹‹‹‹‹‹‹‹‹‹‹‹‹‹‹‹‹‹‹‹‹‹‹‹‹‹‹‹‹‹‹‹‹‹‹‹‹‹‹‹‹‹‹‹‹‹‹‹‹‹‹‹‹‹‹‹‹‹‹‹‹‹‹‹‹‹‹‹‹‹‹‹‹‹‹‹‹‹‹‹‹‹‹‹‹‹‹‹‹‹‹‹‹‹‹‹‹‹‹‹‹‹‹‹‹‹‹‹‹‹‹‹‹‹‹‹‹‹‹‹‹‹‹‹‹‹‹‹‹‹‹‹‹‹‹‹‹‹‹‹‹‹‹‹‹‹‹‹‹‹‹‹‹‹‹‹‹‹‹‹‹‹‹‹‹‹‹‹‹‹‹‹‹‹‹‹‹‹‹‹‹‹‹‹‹‹‹‹‹
FYN ‹‹‹‹‹‹‹‹‹‹‹‹‹‹‹‹‹‹‹‹‹‹‹‹‹‹‹‹‹‹‹‹‹‹‹‹‹‹‹‹‹‹‹‹‹‹‹‹‹‹‹‹‹‹‹‹‹‹‹‹‹‹‹‹‹‹‹‹‹‹‹‹‹‹‹‹‹‹‹‹‹‹‹‹‹‹‹‹‹‹‹‹‹‹‹‹‹‹‹‹‹‹‹‹‹‹‹‹‹‹‹‹‹‹‹‹‹‹‹‹‹‹‹‹‹‹‹‹‹‹‹‹‹‹‹‹‹‹‹‹‹‹‹‹‹‹‹‹‹‹‹‹‹‹‹‹‹‹‹‹‹‹‹‹‹‹‹‹‹‹‹‹‹‹‹‹‹‹‹‹‹‹‹‹‹‹‹‹‹‹‹‹‹‹‹‹‹‹‹‹
FYN ‹‹‹‹‹‹‹‹‹‹‹‹‹‹‹‹‹‹‹‹‹‹‹‹‹‹‹‹‹‹‹‹‹‹‹‹‹‹‹‹‹‹‹‹‹‹‹‹‹‹‹‹‹‹‹‹‹‹‹‹‹‹‹‹‹‹‹‹‹‹‹‹‹‹‹‹‹‹‹‹‹‹‹‹‹‹‹‹‹‹‹‹‹‹‹‹‹‹‹‹‹‹‹‹‹‹‹‹‹‹‹‹‹‹‹‹‹‹‹‹‹‹‹‹‹‹‹‹‹‹‹‹‹‹‹‹‹‹‹‹‹‹‹‹‹‹‹‹‹‹‹‹‹‹‹‹‹‹‹‹‹‹‹‹‹‹‹‹‹‹‹‹‹‹‹‹‹‹‹‹‹‹‹‹‹‹‹‹‹‹‹‹‹‹‹‹‹‹‹‹
FYN ‹‹‹‹‹‹‹‹‹‹‹‹‹‹‹‹‹‹‹‹‹‹‹‹‹‹‹‹‹‹‹‹‹‹‹‹‹‹‹‹‹‹‹‹‹‹‹‹‹‹‹‹‹‹‹‹‹‹‹‹‹‹‹‹‹‹‹‹‹‹‹‹‹‹‹‹‹‹‹‹‹‹‹‹‹‹‹‹‹‹‹‹‹‹‹‹‹‹‹‹‹‹‹‹‹‹‹‹‹‹‹‹‹‹‹‹‹‹‹‹‹‹‹‹‹‹‹‹‹‹‹‹‹‹‹‹‹‹‹‹‹‹‹‹‹‹‹‹‹‹‹‹‹‹‹‹‹‹‹‹‹‹‹‹‹‹‹‹‹‹‹‹‹‹‹‹‹‹‹‹‹‹‹‹‹‹‹‹‹‹‹‹‹‹‹‹‹‹‹‹
FYN ‹‹‹‹‹‹‹‹‹‹‹‹‹‹‹‹‹‹‹‹‹‹‹‹‹‹‹‹‹‹‹‹‹‹‹‹‹‹‹‹‹‹‹‹‹‹‹‹‹‹‹‹‹‹‹‹‹‹‹‹‹‹‹‹‹‹‹‹‹‹‹‹‹‹‹‹‹‹‹‹‹‹‹‹‹‹‹‹‹‹‹‹‹‹‹‹‹‹‹‹‹‹‹‹‹‹‹‹‹‹‹‹‹‹‹‹‹‹‹‹‹‹‹‹‹‹‹‹‹‹‹‹‹‹‹‹‹‹‹‹‹‹‹‹‹‹‹‹‹‹‹‹‹‹‹‹‹‹‹‹‹‹‹‹‹‹‹‹‹‹‹‹‹‹‹‹‹‹‹‹‹‹‹‹‹‹‹‹‹‹‹‹‹‹‹‹‹‹‹‹
FYN ‹‹‹‹‹‹‹‹‹‹‹‹‹‹‹‹‹‹‹‹‹‹‹‹‹‹‹‹‹‹‹‹‹‹‹‹‹‹‹‹‹‹‹‹‹‹‹‹‹‹‹‹‹‹‹‹‹‹‹‹‹‹‹‹‹‹‹‹‹‹‹‹‹‹‹‹‹‹‹‹‹‹‹‹‹‹‹‹‹‹‹‹‹‹‹‹‹‹‹‹‹‹‹‹‹‹‹‹‹‹‹‹‹‹‹‹‹‹‹‹‹‹‹‹‹‹‹‹‹‹‹‹‹‹‹‹‹‹‹‹‹‹‹‹‹‹‹‹‹‹‹‹‹‹‹‹‹‹‹‹‹‹‹‹‹‹‹‹‹‹‹‹‹‹‹‹‹‹‹‹‹‹‹‹‹‹‹‹‹‹‹‹‹‹‹‹‹‹‹‹
FYN ‹‹‹‹‹‹‹‹‹‹‹‹‹‹‹‹‹‹‹‹‹‹‹‹‹‹‹‹‹‹‹‹‹‹‹‹‹‹‹‹‹‹‹‹‹‹‹‹‹‹‹‹‹‹‹‹‹‹‹‹‹‹‹‹‹‹‹‹‹‹‹‹‹‹‹‹‹‹‹‹‹‹‹‹‹‹‹‹‹‹‹‹‹‹‹‹‹‹‹‹‹‹‹‹‹‹‹‹‹‹‹‹‹‹‹‹‹‹‹‹‹‹‹‹‹‹‹‹‹‹‹‹‹‹‹‹‹‹‹‹‹‹‹‹‹‹‹‹‹‹‹‹‹‹‹‹‹‹‹‹‹‹‹‹‹‹‹‹‹‹‹‹‹‹‹‹‹‹‹‹‹‹‹‹‹‹‹‹‹‹‹‹‹‹‹‹‹‹‹‹
FYN ‹‹‹‹‹‹‹‹‹‹‹‹‹‹‹‹‹‹‹‹‹‹‹‹‹‹‹‹‹‹‹‹‹‹‹‹‹‹‹‹‹‹‹‹‹‹‹‹‹‹‹‹‹‹‹‹‹‹‹‹‹‹‹‹‹‹‹‹‹‹‹‹‹‹‹‹‹‹‹‹‹‹‹‹‹‹‹‹‹‹‹‹‹‹‹‹‹‹‹‹‹‹‹‹‹‹‹‹‹‹‹‹‹‹‹‹‹‹‹‹‹‹‹‹‹‹‹‹‹‹‹‹‹‹‹‹‹‹‹‹‹‹‹‹‹‹‹‹‹‹‹‹‹‹‹‹‹‹‹‹‹‹‹‹‹‹‹‹‹‹‹‹‹‹‹‹‹‹‹‹‹‹‹‹‹‹‹‹‹‹‹‹‹‹‹‹‹‹‹‹
FYN ‹‹‹‹‹‹‹‹‹‹‹‹‹‹‹‹‹‹‹‹‹‹‹‹‹‹‹‹‹‹‹‹‹‹‹‹‹‹‹‹‹‹‹‹‹‹‹‹‹‹‹‹‹‹‹‹‹‹‹‹‹‹‹‹‹‹‹‹‹‹‹‹‹‹‹‹‹‹‹‹‹‹‹‹‹‹‹‹‹‹‹‹‹‹‹‹‹‹‹‹‹‹‹‹‹‹‹‹‹‹‹‹‹‹‹‹‹‹‹‹‹‹‹‹‹‹‹‹‹‹‹‹‹‹‹‹‹‹‹‹‹‹‹‹‹‹‹‹‹‹‹‹‹‹‹‹‹‹‹‹‹‹‹‹‹‹‹‹‹‹‹‹‹‹‹‹‹‹‹‹‹‹‹‹‹‹‹‹‹‹‹‹‹‹‹‹‹‹‹‹
RefSeq genes from NCBI
RefSeq Curated
Publications: Sequences in Scientific Articles
Sequences
SNPs
OMIM Gene Phenotypes - Dark Green Can Be Disease-causing
OMIM Genes
Short Genetic Variants from dbSNP release 155
Common dbSNP(155)
Gene Expression in 54 tissues from GTEx RNA-seq of 17382 samples, 948 donors (V8, Aug 2019)
FYN
H3K27Ac Mark (Often Found Near Active Regulatory Elements) on 7 cell lines from ENCODE
Layered H3K27Ac
4.88 _	100 vertebrates Basewise Conservation by PhyloP
100 Vert. Cons
-4.5 _
G	G	G	A	G	G	G	A
Multiz Alignments of 100 Vertebrates
Gaps
Human G	G	A	G	A	G	G	G	A	G	A	A
Rhesus G	G	A	G	A	G	G	G	A	G	A	A
Mouse	=	=	=	=	=	=	=	=	=	=	=	=
Dog	=	=	=	=	=	=	=	=	=	=	=	=
Elephant	-	-	-	-	-	-	-	-	-	-	-	-
Chicken
X_tropicalis
Zebrafish
Repeating Elements by RepeatMasker
RepeatMasker
